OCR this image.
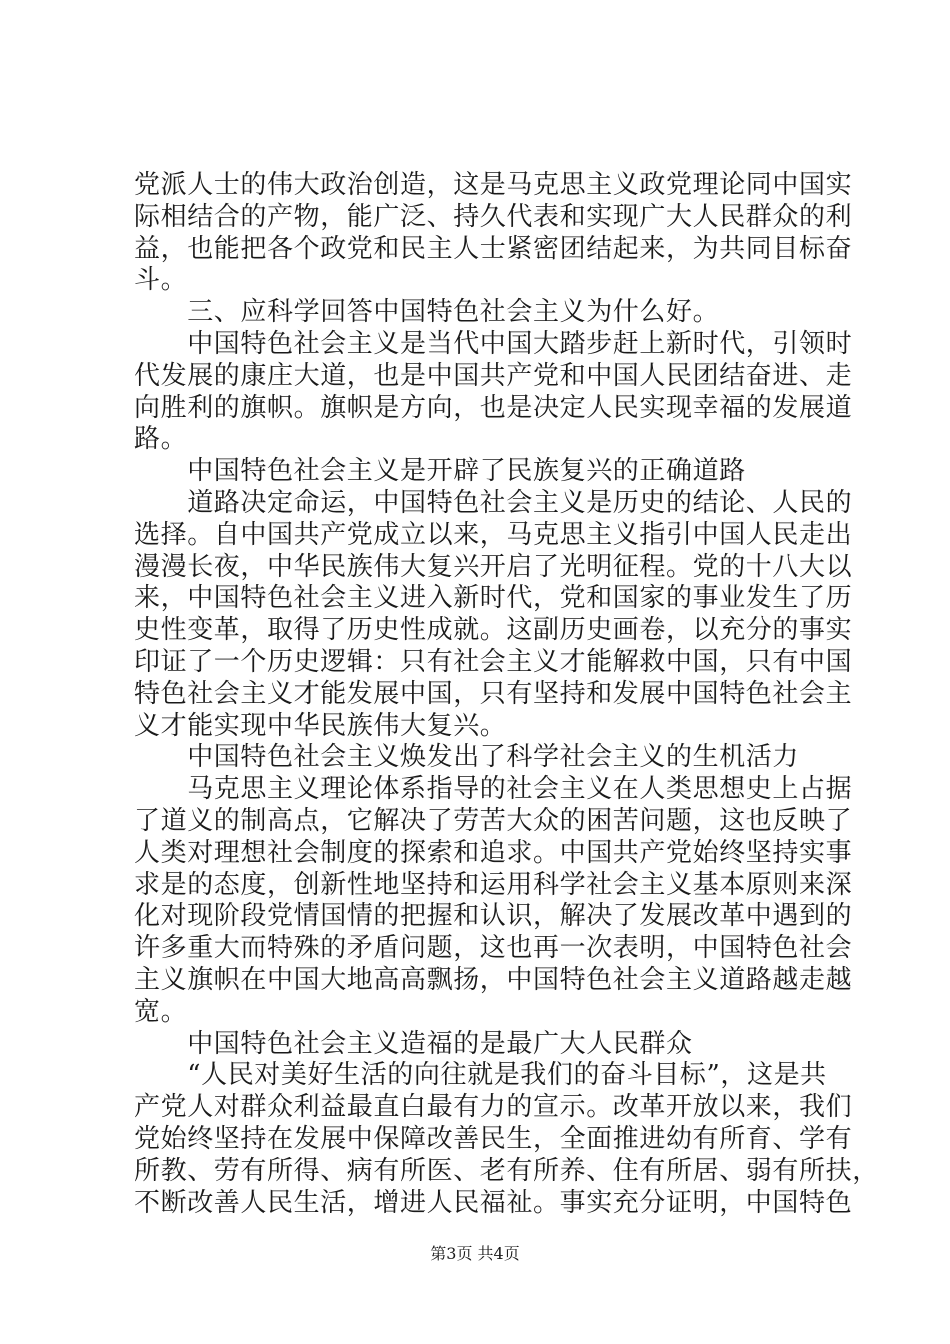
党派人士的伟大政治创造，这是马克思主义政党理论同中国实
际相结合的产物，能广泛、持久代表和实现广大人民群众的利
益，也能把各个政党和民主人士紧密团结起来，为共同目标奋
斗。
　　三、应科学回答中国特色社会主义为什么好。
　　中国特色社会主义是当代中国大踏步赶上新时代，引领时
代发展的康庄大道，也是中国共产党和中国人民团结奋进、走
向胜利的旗帜。旗帜是方向，也是决定人民实现幸福的发展道
路。
　　中国特色社会主义是开辟了民族复兴的正确道路
　　道路决定命运，中国特色社会主义是历史的结论、人民的
选择。自中国共产党成立以来，马克思主义指引中国人民走出
漫漫长夜，中华民族伟大复兴开启了光明征程。党的十八大以
来，中国特色社会主义进入新时代，党和国家的事业发生了历
史性变革，取得了历史性成就。这副历史画卷，以充分的事实
印证了一个历史逻辑：只有社会主义才能解救中国，只有中国
特色社会主义才能发展中国，只有坚持和发展中国特色社会主
义才能实现中华民族伟大复兴。
　　中国特色社会主义焕发出了科学社会主义的生机活力
　　马克思主义理论体系指导的社会主义在人类思想史上占据
了道义的制高点，它解决了劳苦大众的困苦问题，这也反映了
人类对理想社会制度的探索和追求。中国共产党始终坚持实事
求是的态度，创新性地坚持和运用科学社会主义基本原则来深
化对现阶段党情国情的把握和认识，解决了发展改革中遇到的
许多重大而特殊的矛盾问题，这也再一次表明，中国特色社会
主义旗帜在中国大地高高飘扬，中国特色社会主义道路越走越
宽。
　　中国特色社会主义造福的是最广大人民群众
　　“人民对美好生活的向往就是我们的奋斗目标”，这是共
产党人对群众利益最直白最有力的宣示。改革开放以来，我们
党始终坚持在发展中保障改善民生，全面推进幼有所育、学有
所教、劳有所得、病有所医、老有所养、住有所居、弱有所扶，
不断改善人民生活，增进人民福祉。事实充分证明，中国特色
第3页 共4页
